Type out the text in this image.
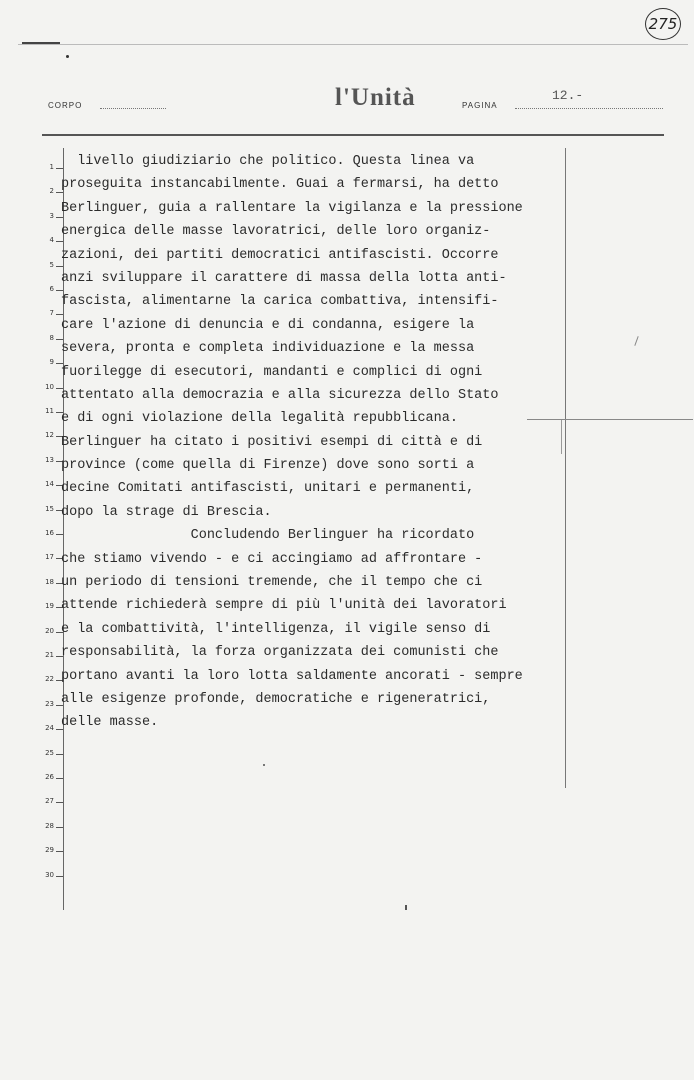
275
CORPO	l'Unità	PAGINA
12.-
1
2
3
4
5
6
7
8
9
10
11
12
13
14
15
16
17
18
19
20
21
22
23
24
25
26
27
28
29
30
livello giudiziario che politico. Questa linea va
proseguita instancabilmente. Guai a fermarsi, ha detto
Berlinguer, guia a rallentare la vigilanza e la pressione
energica delle masse lavoratrici, delle loro organiz-
zazioni, dei partiti democratici antifascisti. Occorre
anzi sviluppare il carattere di massa della lotta anti-
fascista, alimentarne la carica combattiva, intensifi-
care l'azione di denuncia e di condanna, esigere la
severa, pronta e completa individuazione e la messa
fuorilegge di esecutori, mandanti e complici di ogni
attentato alla democrazia e alla sicurezza dello Stato
e di ogni violazione della legalità repubblicana.
Berlinguer ha citato i positivi esempi di città e di
province (come quella di Firenze) dove sono sorti a
decine Comitati antifascisti, unitari e permanenti,
dopo la strage di Brescia.
Concludendo Berlinguer ha ricordato
che stiamo vivendo - e ci accingiamo ad affrontare -
un periodo di tensioni tremende, che il tempo che ci
attende richiederà sempre di più l'unità dei lavoratori
e la combattività, l'intelligenza, il vigile senso di
responsabilità, la forza organizzata dei comunisti che
portano avanti la loro lotta saldamente ancorati - sempre
alle esigenze profonde, democratiche e rigeneratrici,
delle masse.
